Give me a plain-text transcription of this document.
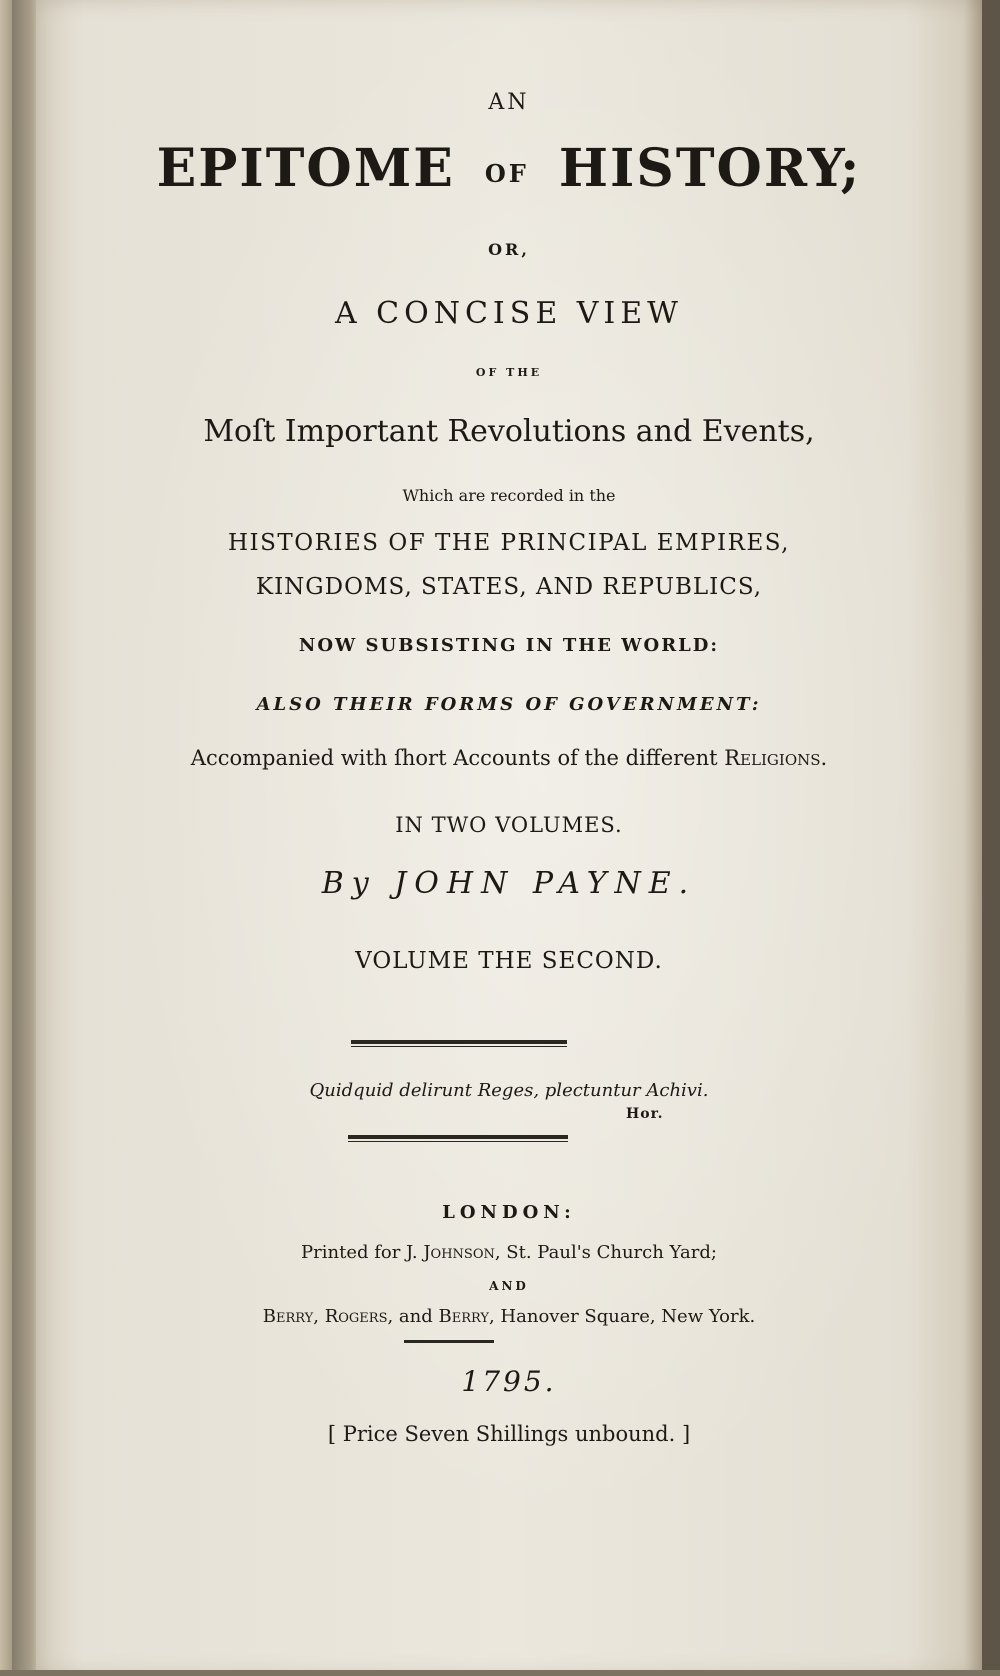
AN
EPITOME OF HISTORY;
OR,
A CONCISE VIEW
OF THE
Moſt Important Revolutions and Events,
Which are recorded in the
HISTORIES OF THE PRINCIPAL EMPIRES,
KINGDOMS, STATES, AND REPUBLICS,
NOW SUBSISTING IN THE WORLD:
ALSO THEIR FORMS OF GOVERNMENT:
Accompanied with ſhort Accounts of the different Religions.
IN TWO VOLUMES.
By JOHN PAYNE.
VOLUME THE SECOND.
Quidquid delirunt Reges, plectuntur Achivi.
Hor.
LONDON:
Printed for J. Johnson, St. Paul's Church Yard;
AND
Berry, Rogers, and Berry, Hanover Square, New York.
1795.
[ Price Seven Shillings unbound. ]
